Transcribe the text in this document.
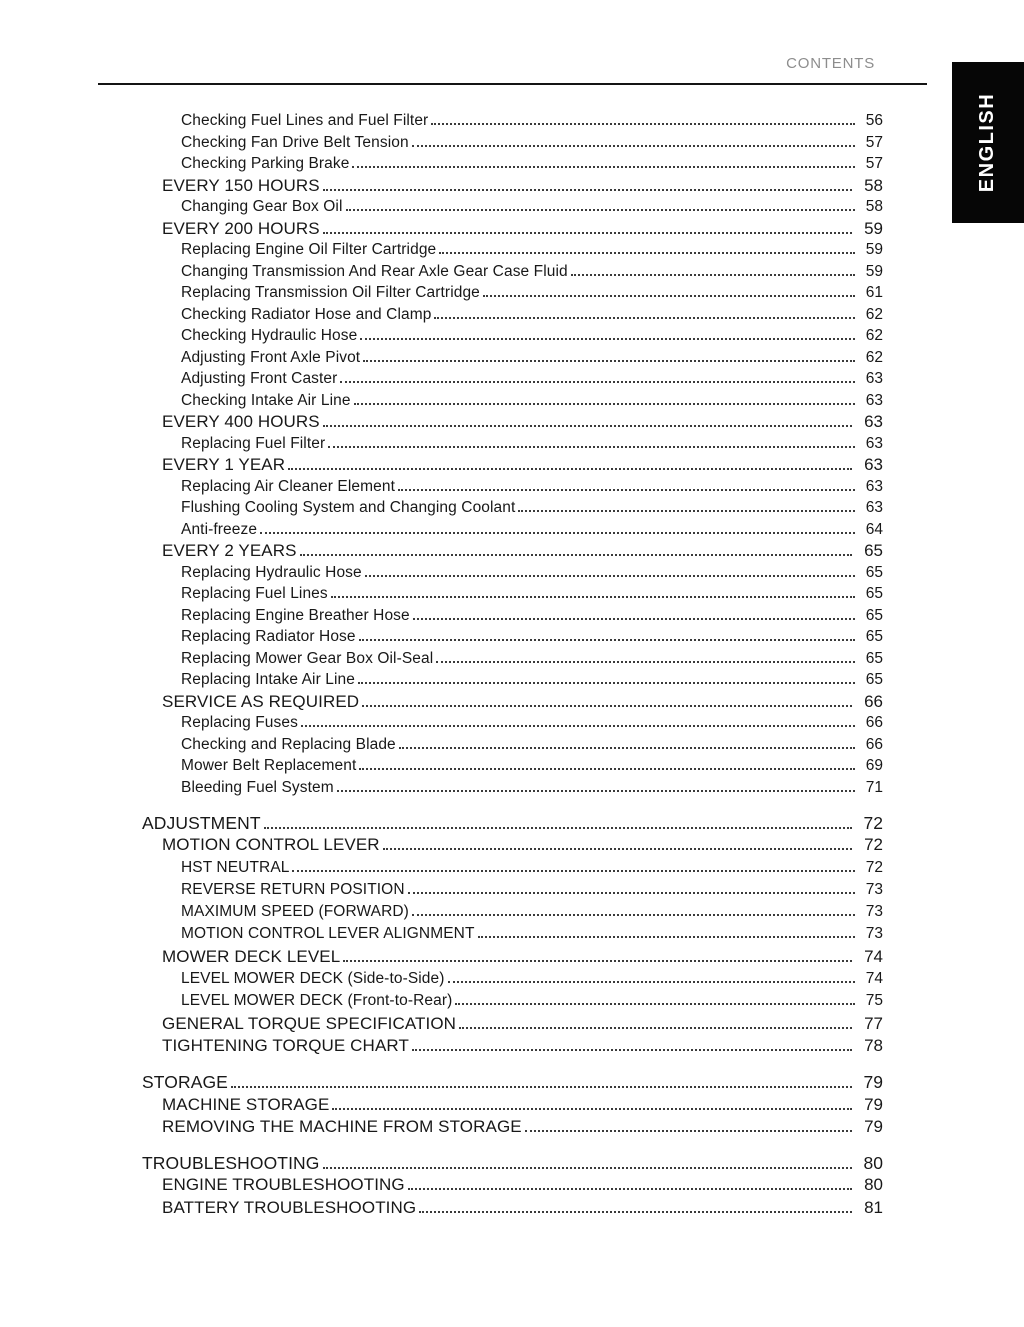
CONTENTS
ENGLISH
Checking Fuel Lines and Fuel Filter	56
Checking Fan Drive Belt Tension	57
Checking Parking Brake	57
EVERY 150 HOURS	58
Changing Gear Box Oil	58
EVERY 200 HOURS	59
Replacing Engine Oil Filter Cartridge	59
Changing Transmission And Rear Axle Gear Case Fluid	59
Replacing Transmission Oil Filter Cartridge	61
Checking Radiator Hose and Clamp	62
Checking Hydraulic Hose	62
Adjusting Front Axle Pivot	62
Adjusting Front Caster	63
Checking Intake Air Line	63
EVERY 400 HOURS	63
Replacing Fuel Filter	63
EVERY 1 YEAR	63
Replacing Air Cleaner Element	63
Flushing Cooling System and Changing Coolant	63
Anti-freeze	64
EVERY 2 YEARS	65
Replacing Hydraulic Hose	65
Replacing Fuel Lines	65
Replacing Engine Breather Hose	65
Replacing Radiator Hose	65
Replacing Mower Gear Box Oil-Seal	65
Replacing Intake Air Line	65
SERVICE AS REQUIRED	66
Replacing Fuses	66
Checking and Replacing Blade	66
Mower Belt Replacement	69
Bleeding Fuel System	71
ADJUSTMENT	72
MOTION CONTROL LEVER	72
HST NEUTRAL	72
REVERSE RETURN POSITION	73
MAXIMUM SPEED (FORWARD)	73
MOTION CONTROL LEVER ALIGNMENT	73
MOWER DECK LEVEL	74
LEVEL MOWER DECK (Side-to-Side)	74
LEVEL MOWER DECK (Front-to-Rear)	75
GENERAL TORQUE SPECIFICATION	77
TIGHTENING TORQUE CHART	78
STORAGE	79
MACHINE STORAGE	79
REMOVING THE MACHINE FROM STORAGE	79
TROUBLESHOOTING	80
ENGINE TROUBLESHOOTING	80
BATTERY TROUBLESHOOTING	81
